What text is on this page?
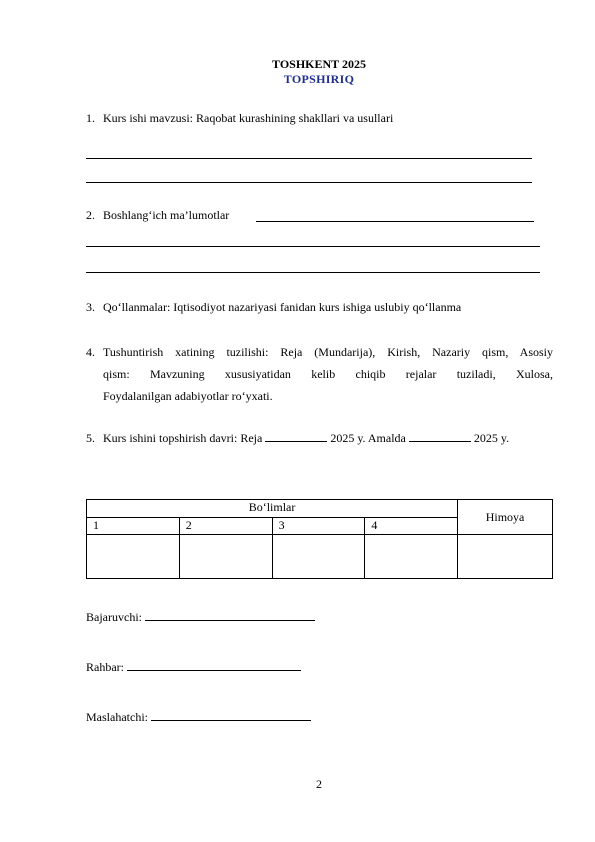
TOSHKENT 2025
TOPSHIRIQ
1. Kurs ishi mavzusi: Raqobat kurashining shakllari va usullari
2. Boshlang‘ich ma’lumotlar
3. Qo‘llanmalar: Iqtisodiyot nazariyasi fanidan kurs ishiga uslubiy qo‘llanma
4. Tushuntirish xatining tuzilishi: Reja (Mundarija), Kirish, Nazariy qism, Asosiy
qism: Mavzuning xususiyatidan kelib chiqib rejalar tuziladi, Xulosa,
Foydalanilgan adabiyotlar ro‘yxati.
5. Kurs ishini topshirish davri: Reja	2025 y. Amalda	2025 y.
Bo‘limlar				Himoya
1	2	3	4	

Bajaruvchi:
Rahbar:
Maslahatchi:
2
